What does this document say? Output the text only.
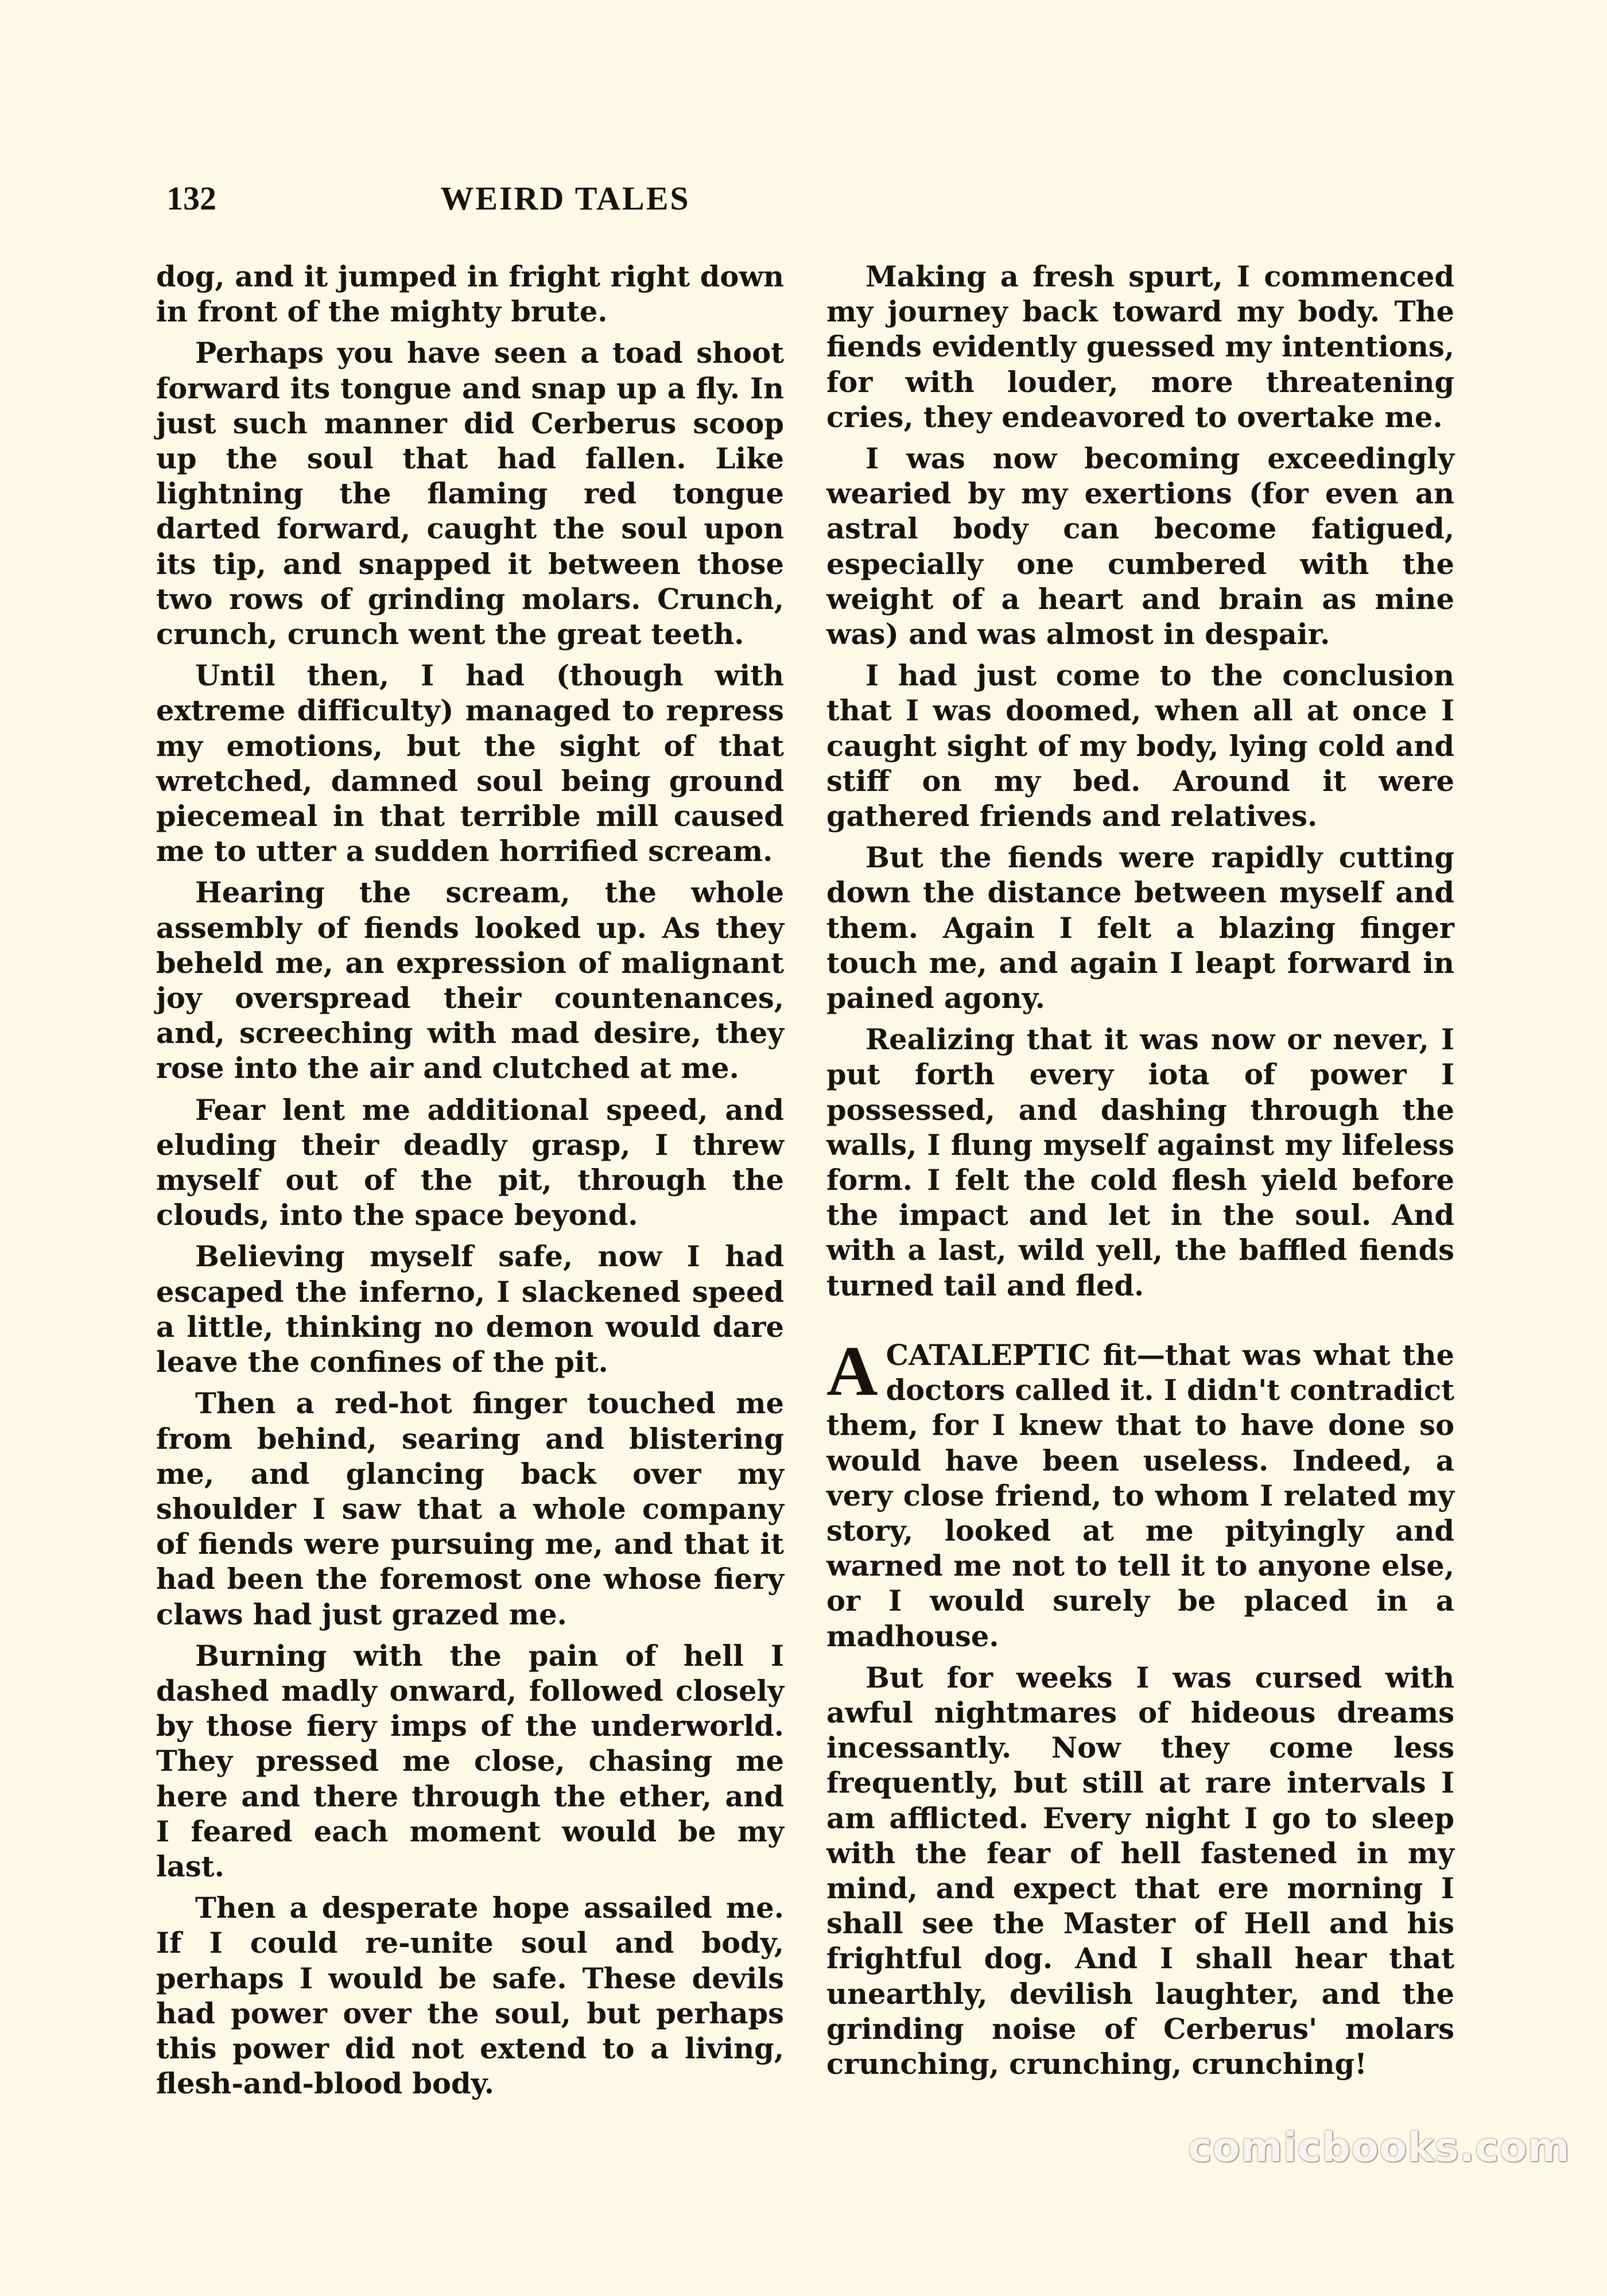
132	WEIRD TALES

dog, and it jumped in fright right down in front of the mighty brute.

Perhaps you have seen a toad shoot forward its tongue and snap up a fly. In just such manner did Cerberus scoop up the soul that had fallen. Like lightning the flaming red tongue darted forward, caught the soul upon its tip, and snapped it between those two rows of grinding molars. Crunch, crunch, crunch went the great teeth.

Until then, I had (though with extreme difficulty) managed to repress my emotions, but the sight of that wretched, damned soul being ground piecemeal in that terrible mill caused me to utter a sudden horrified scream.

Hearing the scream, the whole assembly of fiends looked up. As they beheld me, an expression of malignant joy overspread their countenances, and, screeching with mad desire, they rose into the air and clutched at me.

Fear lent me additional speed, and eluding their deadly grasp, I threw myself out of the pit, through the clouds, into the space beyond.

Believing myself safe, now I had escaped the inferno, I slackened speed a little, thinking no demon would dare leave the confines of the pit.

Then a red-hot finger touched me from behind, searing and blistering me, and glancing back over my shoulder I saw that a whole company of fiends were pursuing me, and that it had been the foremost one whose fiery claws had just grazed me.

Burning with the pain of hell I dashed madly onward, followed closely by those fiery imps of the underworld. They pressed me close, chasing me here and there through the ether, and I feared each moment would be my last.

Then a desperate hope assailed me. If I could re-unite soul and body, perhaps I would be safe. These devils had power over the soul, but perhaps this power did not extend to a living, flesh-and-blood body.

Making a fresh spurt, I commenced my journey back toward my body. The fiends evidently guessed my intentions, for with louder, more threatening cries, they endeavored to overtake me.

I was now becoming exceedingly wearied by my exertions (for even an astral body can become fatigued, especially one cumbered with the weight of a heart and brain as mine was) and was almost in despair.

I had just come to the conclusion that I was doomed, when all at once I caught sight of my body, lying cold and stiff on my bed. Around it were gathered friends and relatives.

But the fiends were rapidly cutting down the distance between myself and them. Again I felt a blazing finger touch me, and again I leapt forward in pained agony.

Realizing that it was now or never, I put forth every iota of power I possessed, and dashing through the walls, I flung myself against my lifeless form. I felt the cold flesh yield before the impact and let in the soul. And with a last, wild yell, the baffled fiends turned tail and fled.

ACATALEPTIC fit—that was what the doctors called it. I didn't contradict them, for I knew that to have done so would have been useless. Indeed, a very close friend, to whom I related my story, looked at me pityingly and warned me not to tell it to anyone else, or I would surely be placed in a madhouse.

But for weeks I was cursed with awful nightmares of hideous dreams incessantly. Now they come less frequently, but still at rare intervals I am afflicted. Every night I go to sleep with the fear of hell fastened in my mind, and expect that ere morning I shall see the Master of Hell and his frightful dog. And I shall hear that unearthly, devilish laughter, and the grinding noise of Cerberus' molars crunching, crunching, crunching!

comicbooks.com
